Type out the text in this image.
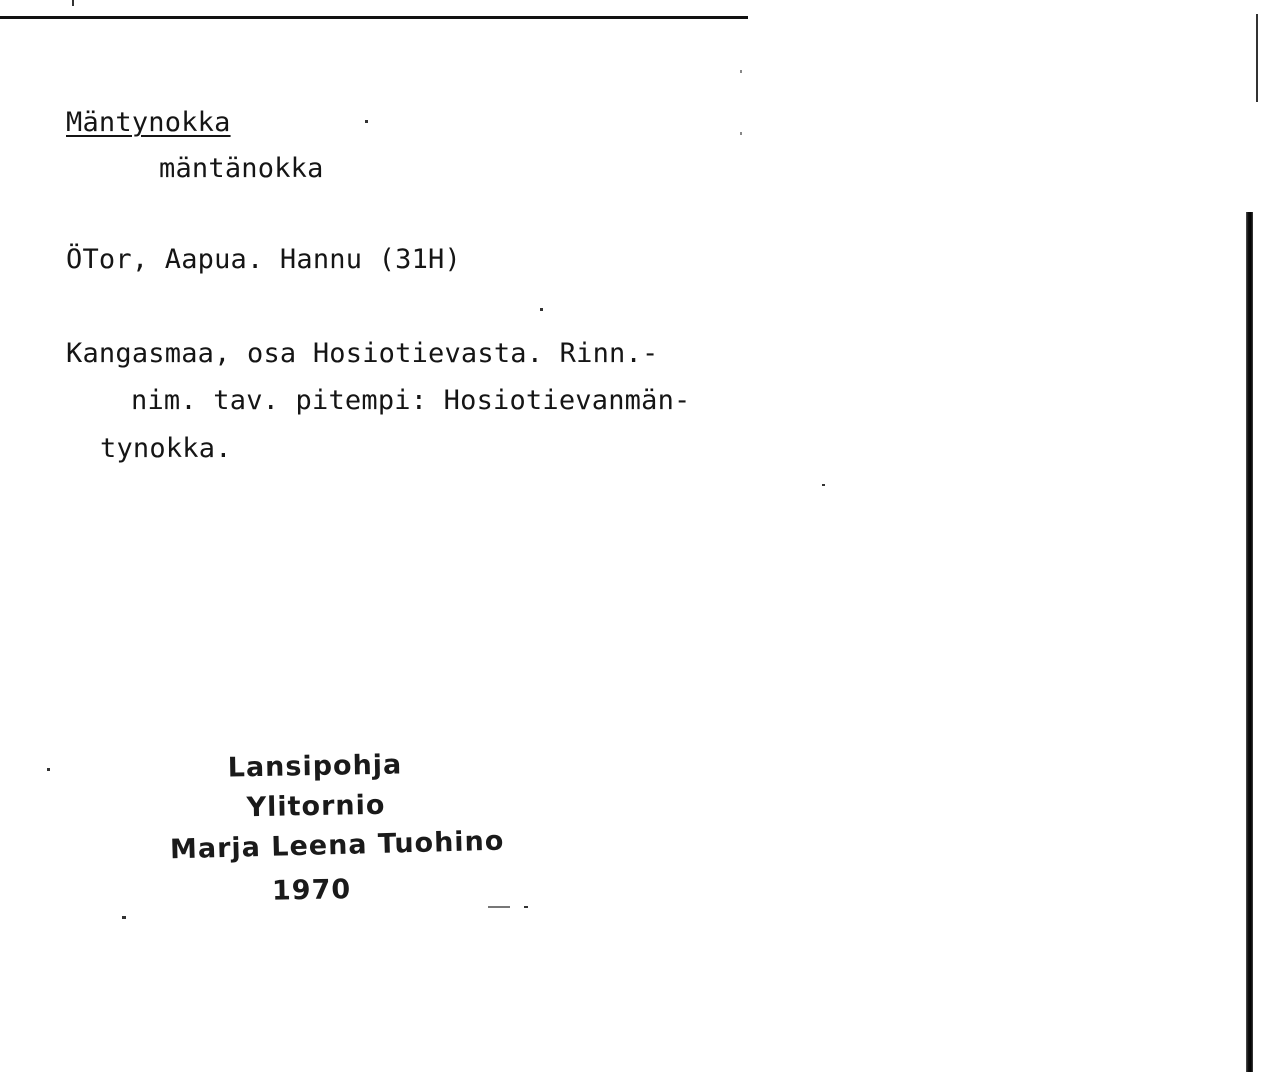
Mäntynokka
mäntänokka
ÖTor, Aapua. Hannu (31H)
Kangasmaa, osa Hosiotievasta. Rinn.-
nim. tav. pitempi: Hosiotievanmän-
tynokka.
Lansipohja
Ylitornio
Marja Leena Tuohino
1970
